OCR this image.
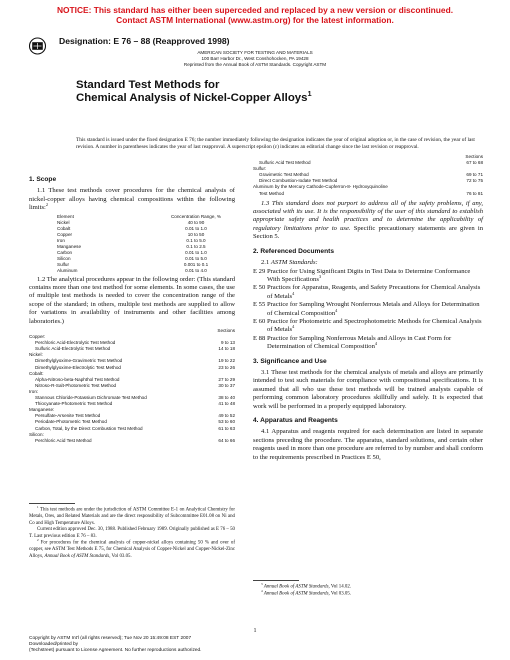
NOTICE: This standard has either been superceded and replaced by a new version or discontinued.
Contact ASTM International (www.astm.org) for the latest information.
Designation: E 76 – 88 (Reapproved 1998)
AMERICAN SOCIETY FOR TESTING AND MATERIALS
100 Barr Harbor Dr., West Conshohocken, PA 19428
Reprinted from the Annual Book of ASTM Standards. Copyright ASTM
Standard Test Methods for
Chemical Analysis of Nickel-Copper Alloys$^1$
This standard is issued under the fixed designation E 76; the number immediately following the designation indicates the year of original adoption or, in the case of revision, the year of last revision. A number in parentheses indicates the year of last reapproval. A superscript epsilon (ε) indicates an editorial change since the last revision or reapproval.
1. Scope
1.1 These test methods cover procedures for the chemical analysis of nickel-copper alloys having chemical compositions within the following limits:$^2$
Element	Concentration Range, %
Nickel	40 to 90
Cobalt	0.01 to 1.0
Copper	10 to 50
Iron	0.1 to 5.0
Manganese	0.1 to 2.5
Carbon	0.01 to 1.0
Silicon	0.01 to 5.0
Sulfur	0.001 to 0.1
Aluminum	0.01 to 4.0
1.2 The analytical procedures appear in the following order: (This standard contains more than one test method for some elements. In some cases, the use of multiple test methods is needed to cover the concentration range of the scope of the standard; in others, multiple test methods are supplied to allow for variations in availability of instruments and other facilities among laboratories.)
Sections
Copper:
Perchloric Acid-Electrolytic Test Method	9 to 13
Sulfuric Acid-Electrolytic Test Method	14 to 18
Nickel:
Dimethylglyoxime-Gravimetric Test Method	19 to 22
Dimethylglyoxime-Electrolytic Test Method	23 to 26
Cobalt:
Alpha-Nitroso-beta-Naphthol Test Method	27 to 29
Nitroso-R-Salt-Photometric Test Method	30 to 37
Iron:
Stannous Chloride-Potassium Dichromate Test Method	38 to 40
Thiocyanate-Photometric Test Method	41 to 48
Manganese:
Persulfate-Arsenite Test Method	49 to 52
Periodate-Photometric Test Method	53 to 60
Carbon, Total, by the Direct Combustion Test Method	61 to 63
Silicon:
Perchloric Acid Test Method	64 to 66
$^1$ This test methods are under the jurisdiction of ASTM Committee E-1 on Analytical Chemistry for Metals, Ores, and Related Materials and are the direct responsibility of Subcommittee E01.08 on Ni and Co and High Temperature Alloys.
Current edition approved Dec. 30, 1988. Published February 1989. Originally published as E 76 – 50 T. Last previous edition E 76 – 83.
$^2$ For procedures for the chemical analysis of copper-nickel alloys containing 50 % and over of copper, see ASTM Test Methods E 75, for Chemical Analysis of Copper-Nickel and Copper-Nickel-Zinc Alloys, Annual Book of ASTM Standards, Vol 03.05.
Sections
Sulfuric Acid Test Method	67 to 68
Sulfur:
Gravimetric Test Method	69 to 71
Direct Combustion-Iodate Test Method	72 to 75
Aluminum by the Mercury Cathode-Cupferron-8- Hydroxyquinoline
Test Method	76 to 81
1.3 This standard does not purport to address all of the safety problems, if any, associated with its use. It is the responsibility of the user of this standard to establish appropriate safety and health practices and to determine the applicability of regulatory limitations prior to use. Specific precautionary statements are given in Section 5.
2. Referenced Documents
2.1 ASTM Standards:
E 29 Practice for Using Significant Digits in Test Data to Determine Conformance With Specifications$^3$
E 50 Practices for Apparatus, Reagents, and Safety Precautions for Chemical Analysis of Metals$^4$
E 55 Practice for Sampling Wrought Nonferrous Metals and Alloys for Determination of Chemical Composition$^4$
E 60 Practice for Photometric and Spectrophotometric Methods for Chemical Analysis of Metals$^4$
E 88 Practice for Sampling Nonferrous Metals and Alloys in Cast Form for Determination of Chemical Composition$^4$
3. Significance and Use
3.1 These test methods for the chemical analysis of metals and alloys are primarily intended to test such materials for compliance with compositional specifications. It is assumed that all who use these test methods will be trained analysts capable of performing common laboratory procedures skillfully and safely. It is expected that work will be performed in a properly equipped laboratory.
4. Apparatus and Reagents
4.1 Apparatus and reagents required for each determination are listed in separate sections preceding the procedure. The apparatus, standard solutions, and certain other reagents used in more than one procedure are referred to by number and shall conform to the requirements prescribed in Practices E 50,
$^3$ Annual Book of ASTM Standards, Vol 14.02.
$^4$ Annual Book of ASTM Standards, Vol 03.05.
1
Copyright by ASTM Int'l (all rights reserved); Tue Nov 20 15:49:08 EST 2007
Downloaded/printed by
(Techstreet) pursuant to License Agreement. No further reproductions authorized.
